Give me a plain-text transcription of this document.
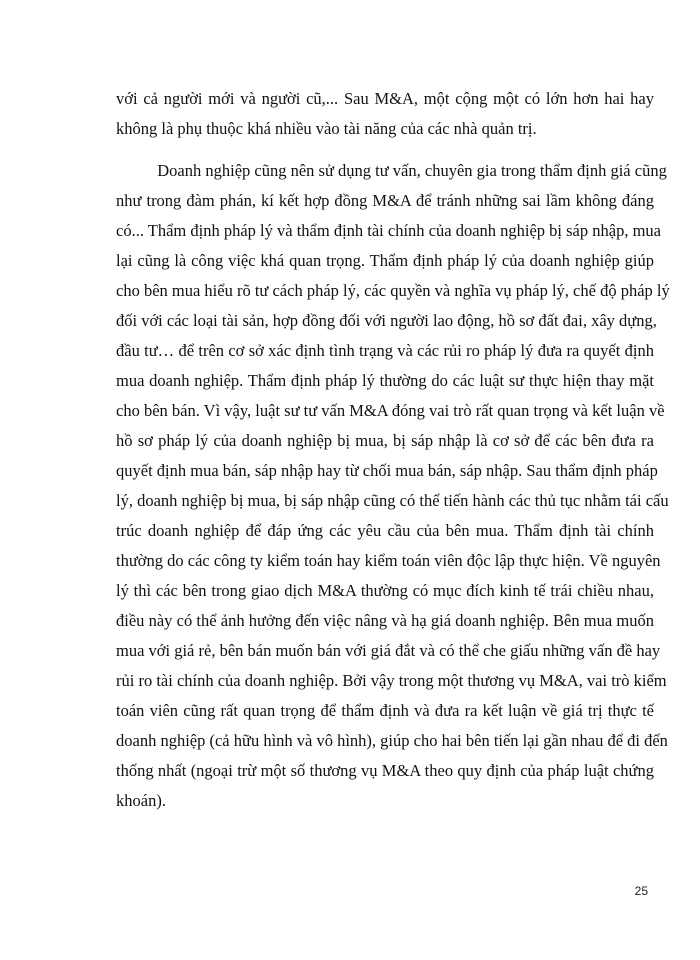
với cả người mới và người cũ,... Sau M&A, một cộng một có lớn hơn hai hay
không là phụ thuộc khá nhiều vào tài năng của các nhà quản trị.
Doanh nghiệp cũng nên sử dụng tư vấn, chuyên gia trong thẩm định giá cũng
như trong đàm phán, kí kết hợp đồng M&A để tránh những sai lầm không đáng
có... Thẩm định pháp lý và thẩm định tài chính của doanh nghiệp bị sáp nhập, mua
lại cũng là công việc khá quan trọng. Thẩm định pháp lý của doanh nghiệp giúp
cho bên mua hiểu rõ tư cách pháp lý, các quyền và nghĩa vụ pháp lý, chế độ pháp lý
đối với các loại tài sản, hợp đồng đối với người lao động, hồ sơ đất đai, xây dựng,
đầu tư… để trên cơ sở xác định tình trạng và các rủi ro pháp lý đưa ra quyết định
mua doanh nghiệp. Thẩm định pháp lý thường do các luật sư thực hiện thay mặt
cho bên bán. Vì vậy, luật sư tư vấn M&A đóng vai trò rất quan trọng và kết luận về
hồ sơ pháp lý của doanh nghiệp bị mua, bị sáp nhập là cơ sở để các bên đưa ra
quyết định mua bán, sáp nhập hay từ chối mua bán, sáp nhập. Sau thẩm định pháp
lý, doanh nghiệp bị mua, bị sáp nhập cũng có thể tiến hành các thủ tục nhằm tái cấu
trúc doanh nghiệp để đáp ứng các yêu cầu của bên mua. Thẩm định tài chính
thường do các công ty kiểm toán hay kiểm toán viên độc lập thực hiện. Về nguyên
lý thì các bên trong giao dịch M&A thường có mục đích kinh tế trái chiều nhau,
điều này có thể ảnh hưởng đến việc nâng và hạ giá doanh nghiệp. Bên mua muốn
mua với giá rẻ, bên bán muốn bán với giá đắt và có thể che giấu những vấn đề hay
rủi ro tài chính của doanh nghiệp. Bởi vậy trong một thương vụ M&A, vai trò kiểm
toán viên cũng rất quan trọng để thẩm định và đưa ra kết luận về giá trị thực tế
doanh nghiệp (cả hữu hình và vô hình), giúp cho hai bên tiến lại gần nhau để đi đến
thống nhất (ngoại trừ một số thương vụ M&A theo quy định của pháp luật chứng
khoán).
25
